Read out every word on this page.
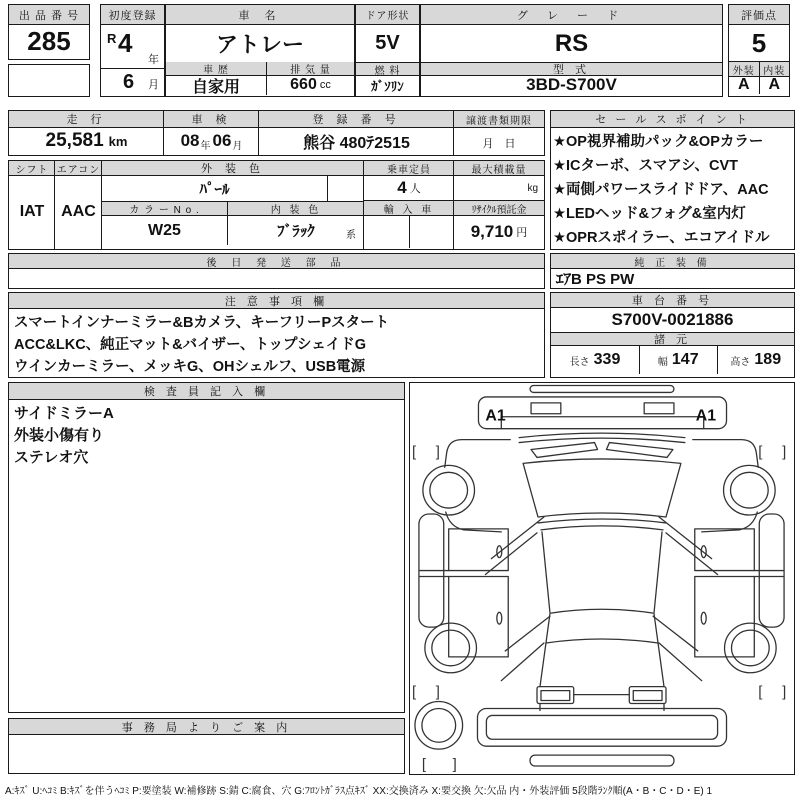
出 品 番 号
285
初度登録
R 4
年
6 月
車 名
アトレー
車 歴
自家用
排 気 量
660 cc
ドア形状
5V
燃 料
ｶﾞｿﾘﾝ
グ レ ー ド
RS
型 式
3BD-S700V
評価点
5
外装 内装
A	A
走 行
25,581 km
車 検
08 年 06 月
登 録 番 号
熊谷 480ﾃ2515
譲渡書類期限
月　日
シフト
IAT
エアコン
AAC
外 装 色
ﾊﾟｰﾙ
カ ラ ー N o .	内 装 色
W25	ﾌﾞﾗｯｸ	系
乗車定員
4 人
最大積載量
kg
輸 入 車	ﾘｻｲｸﾙ預託金
9,710 円
セ ー ル ス ポ イ ン ト
★OP視界補助パック&OPカラー
★ICターボ、スマアシ、CVT
★両側パワースライドドア、AAC
★LEDヘッド&フォグ&室内灯
★OPRスポイラー、エコアイドル
後 日 発 送 部 品	純 正 装 備
ｴｱB PS PW
注 意 事 項 欄
スマートインナーミラー&Bカメラ、キーフリーPスタート
ACC&LKC、純正マット&バイザー、トップシェイドG
ウインカーミラー、メッキG、OHシェルフ、USB電源
車 台 番 号
S700V-0021886
諸 元
長さ 339	幅 147	高さ 189
検 査 員 記 入 欄
サイドミラーA
外装小傷有り
ステレオ穴
事 務 局 よ り ご 案 内
[ ]	[ ]
[ ]	[ ]
[ ]
A1	A1
A:ｷｽﾞ U:ﾍｺﾐ B:ｷｽﾞを伴うﾍｺﾐ P:要塗装 W:補修跡 S:錆 C:腐食、穴 G:ﾌﾛﾝﾄｶﾞﾗｽ点ｷｽﾞ XX:交換済み X:要交換 欠:欠品 内・外装評価 5段階ﾗﾝｸ順(A・B・C・D・E) 1
